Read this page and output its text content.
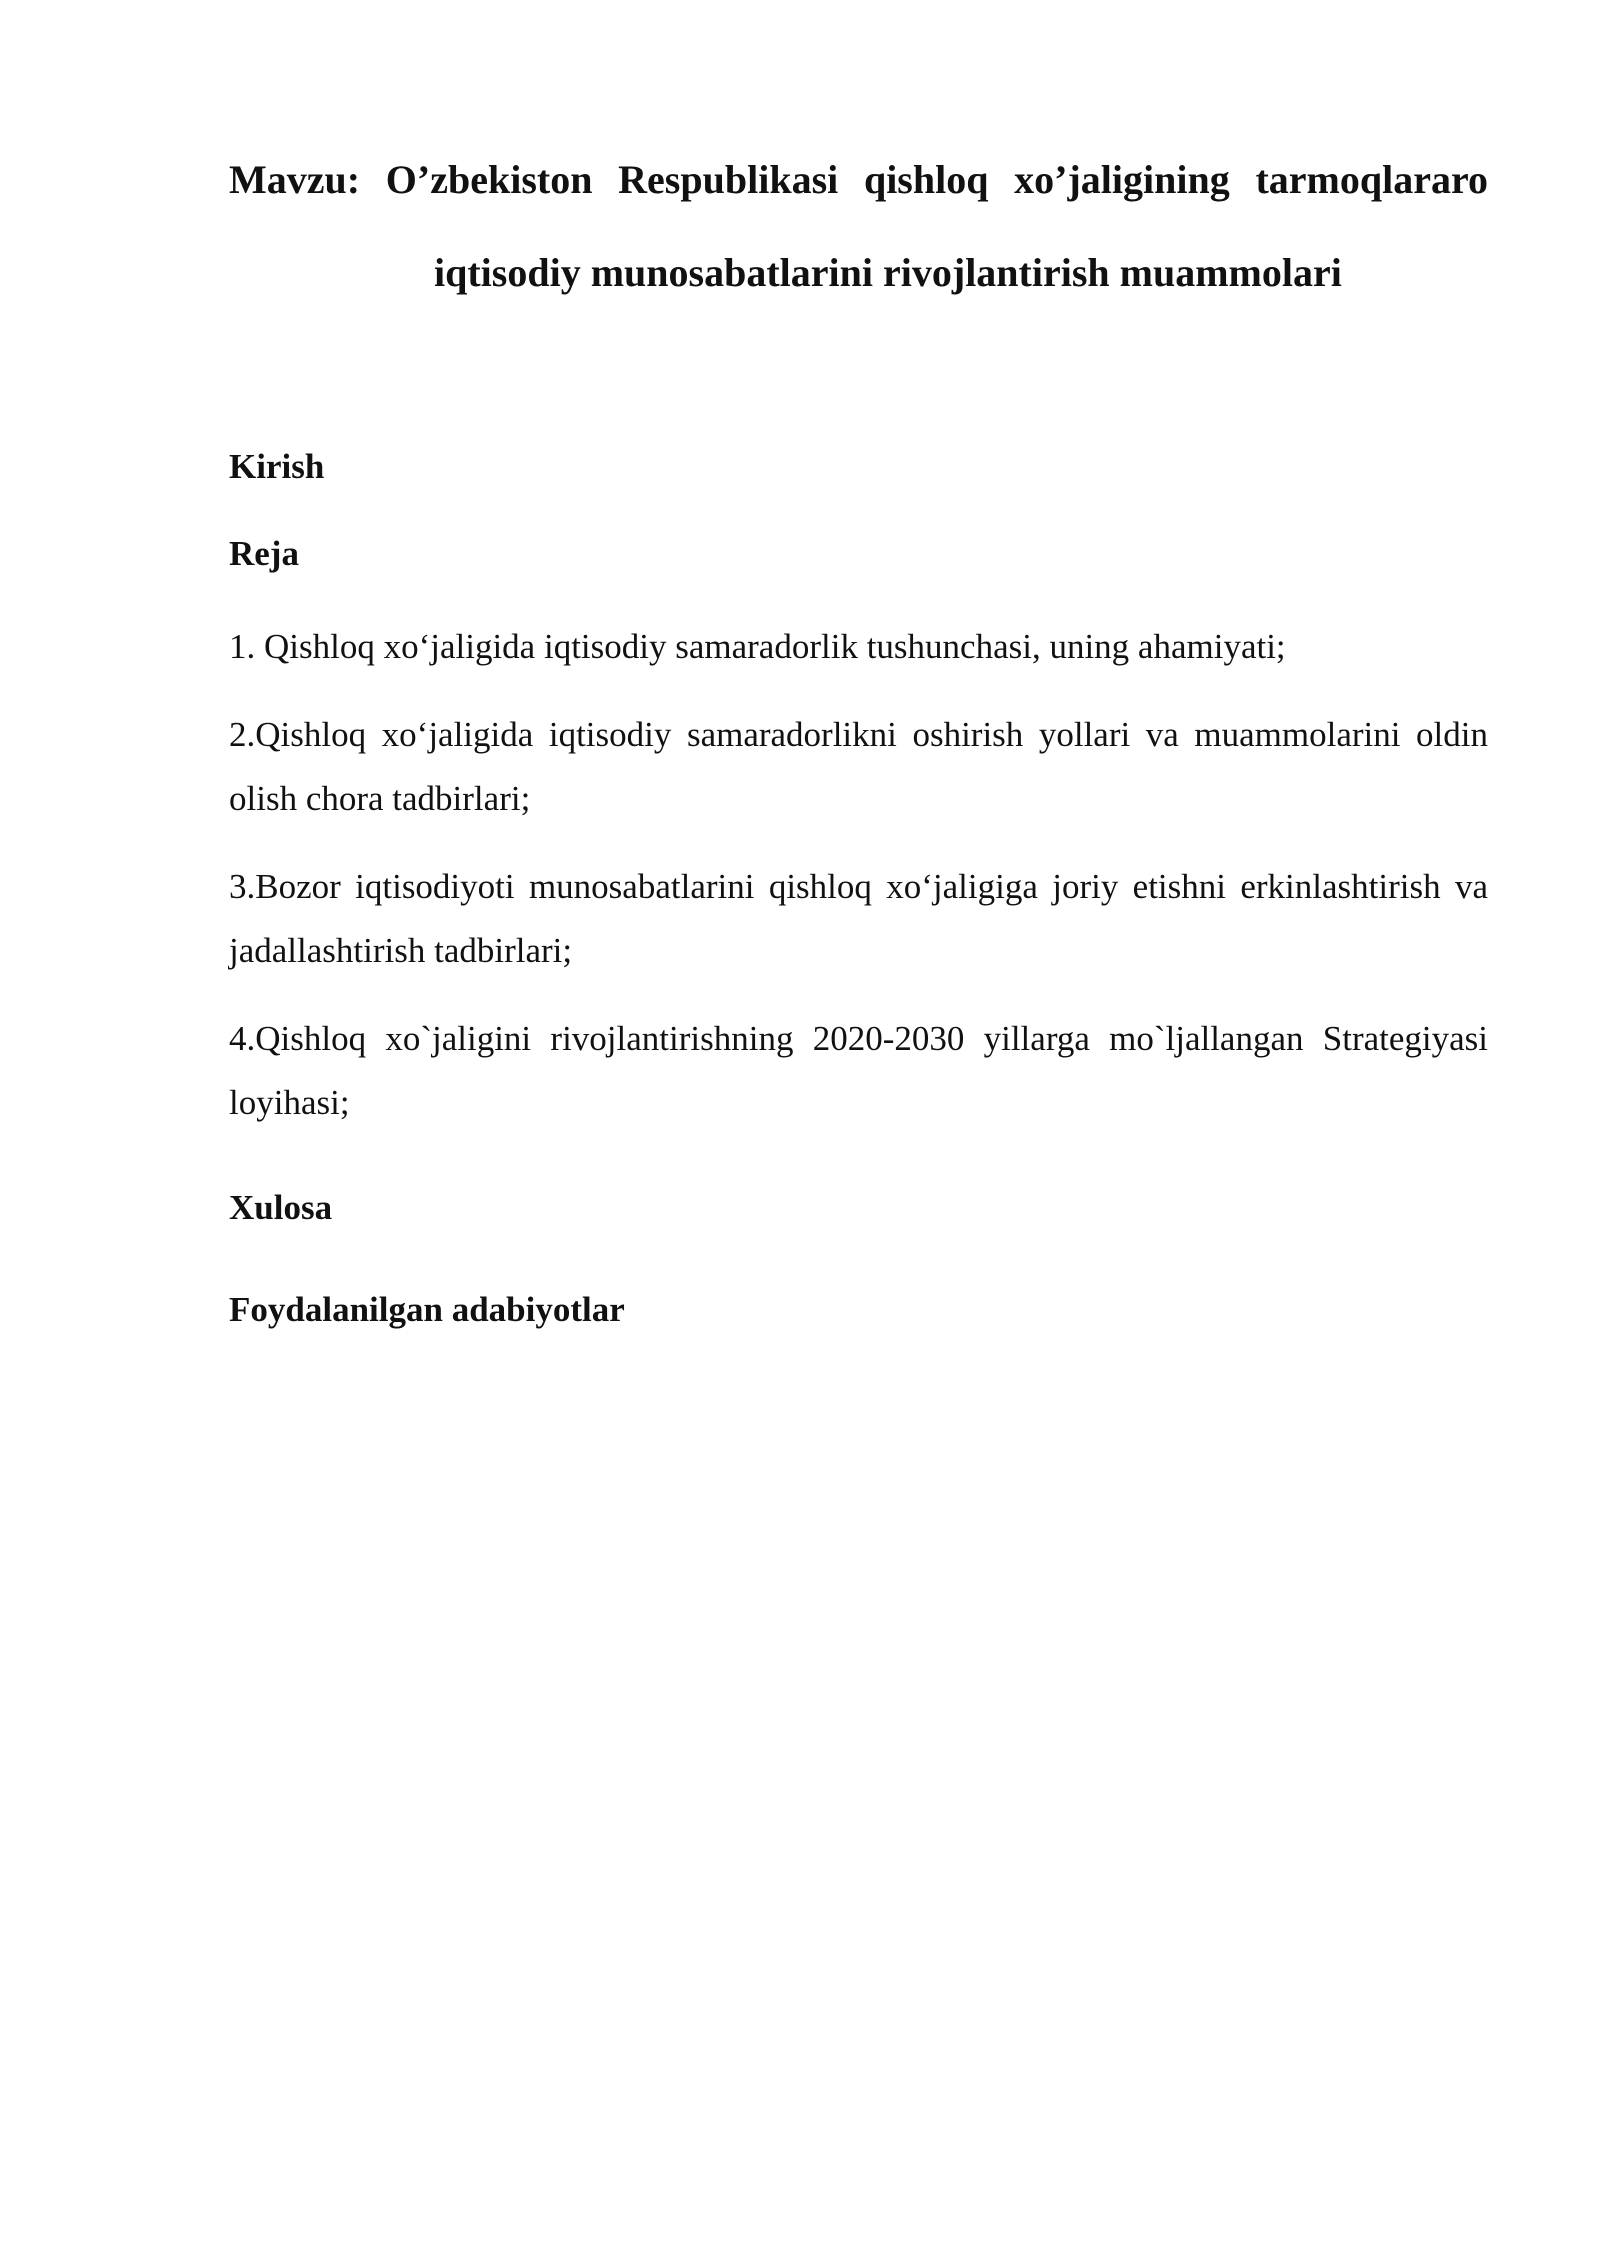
Mavzu: O’zbekiston Respublikasi qishloq xo’jaligining tarmoqlararo

iqtisodiy munosabatlarini rivojlantirish muammolari

Kirish

Reja

1. Qishloq xo‘jaligida iqtisodiy samaradorlik tushunchasi, uning ahamiyati;

2.Qishloq xo‘jaligida iqtisodiy samaradorlikni oshirish yollari va muammolarini oldin olish chora tadbirlari;

3.Bozor iqtisodiyoti munosabatlarini qishloq xo‘jaligiga joriy etishni erkinlashtirish va jadallashtirish tadbirlari;

4.Qishloq xo`jaligini rivojlantirishning 2020-2030 yillarga mo`ljallangan Strategiyasi loyihasi;

Xulosa

Foydalanilgan adabiyotlar
